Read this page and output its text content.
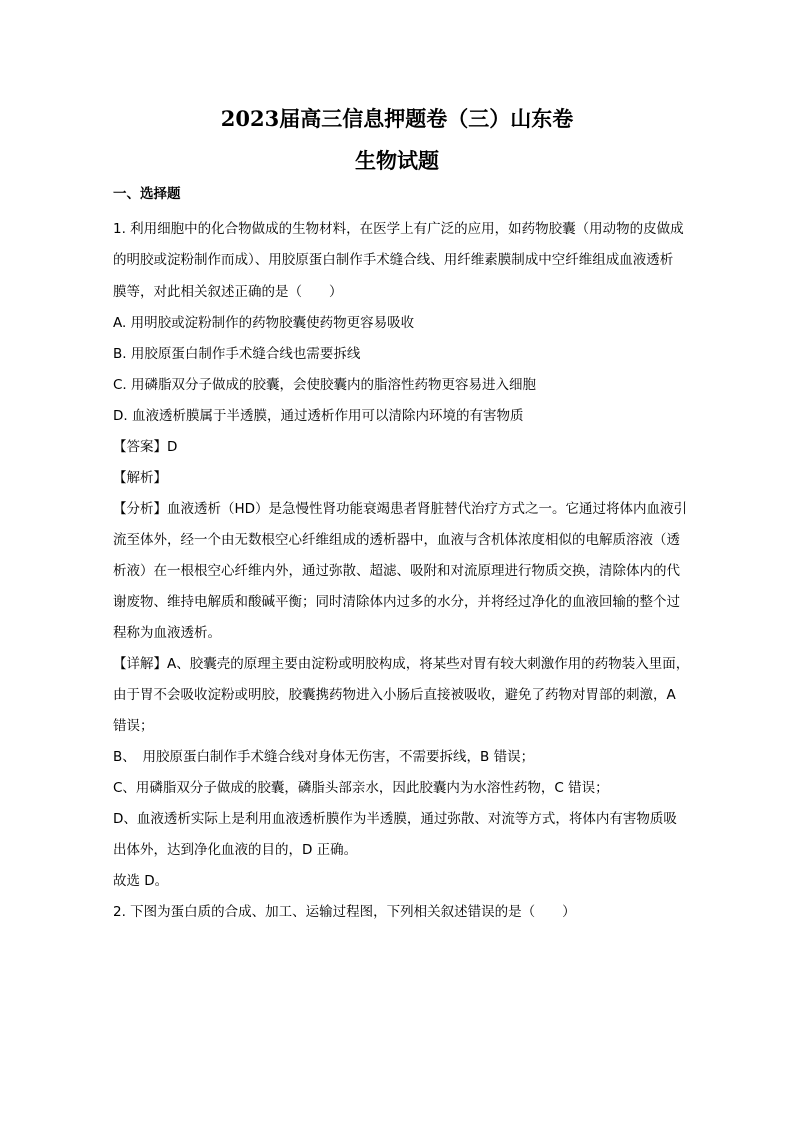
2023届高三信息押题卷（三）山东卷
生物试题
一、选择题
1. 利用细胞中的化合物做成的生物材料，在医学上有广泛的应用，如药物胶囊（用动物的皮做成
的明胶或淀粉制作而成）、用胶原蛋白制作手术缝合线、用纤维素膜制成中空纤维组成血液透析
膜等，对此相关叙述正确的是（　　）
A. 用明胶或淀粉制作的药物胶囊使药物更容易吸收
B. 用胶原蛋白制作手术缝合线也需要拆线
C. 用磷脂双分子做成的胶囊，会使胶囊内的脂溶性药物更容易进入细胞
D. 血液透析膜属于半透膜，通过透析作用可以清除内环境的有害物质
【答案】D
【解析】
【分析】血液透析（HD）是急慢性肾功能衰竭患者肾脏替代治疗方式之一。它通过将体内血液引
流至体外，经一个由无数根空心纤维组成的透析器中，血液与含机体浓度相似的电解质溶液（透
析液）在一根根空心纤维内外，通过弥散、超滤、吸附和对流原理进行物质交换，清除体内的代
谢废物、维持电解质和酸碱平衡；同时清除体内过多的水分，并将经过净化的血液回输的整个过
程称为血液透析。
【详解】A、胶囊壳的原理主要由淀粉或明胶构成，将某些对胃有较大刺激作用的药物装入里面，
由于胃不会吸收淀粉或明胶，胶囊携药物进入小肠后直接被吸收，避免了药物对胃部的刺激，A
错误；
B、　用胶原蛋白制作手术缝合线对身体无伤害，不需要拆线，B 错误；
C、用磷脂双分子做成的胶囊，磷脂头部亲水，因此胶囊内为水溶性药物，C 错误；
D、血液透析实际上是利用血液透析膜作为半透膜，通过弥散、对流等方式，将体内有害物质吸
出体外，达到净化血液的目的，D 正确。
故选 D。
2. 下图为蛋白质的合成、加工、运输过程图，下列相关叙述错误的是（　　）
